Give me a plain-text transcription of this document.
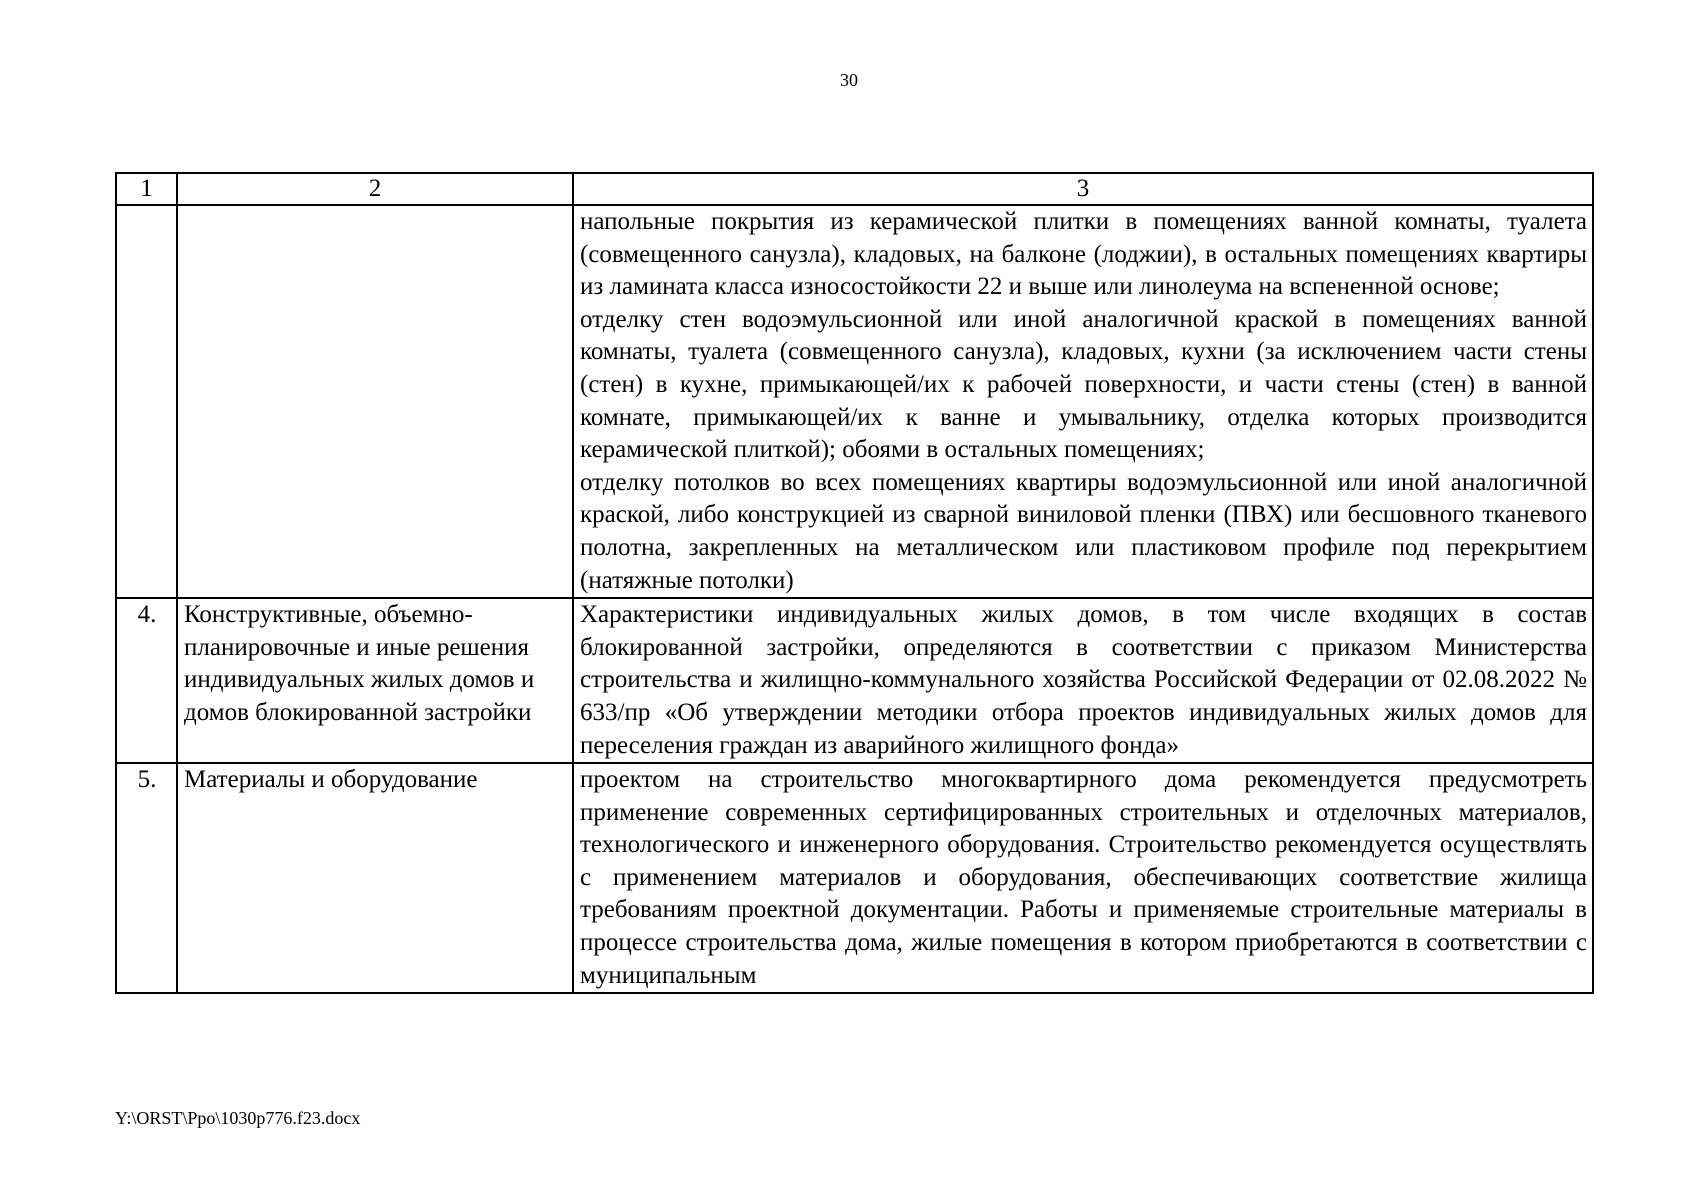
30
1	2	3

		напольные покрытия из керамической плитки в помещениях ванной комнаты, туалета (совмещенного санузла), кладовых, на балконе (лоджии), в остальных помещениях квартиры из ламината класса износостойкости 22 и выше или линолеума на вспененной основе;
отделку стен водоэмульсионной или иной аналогичной краской в помещениях ванной комнаты, туалета (совмещенного санузла), кладовых, кухни (за исключением части стены (стен) в кухне, примыкающей/их к рабочей поверхности, и части стены (стен) в ванной комнате, примыкающей/их к ванне и умывальнику, отделка которых производится керамической плиткой); обоями в остальных помещениях;
отделку потолков во всех помещениях квартиры водоэмульсионной или иной аналогичной краской, либо конструкцией из сварной виниловой пленки (ПВХ) или бесшовного тканевого полотна, закрепленных на металлическом или пластиковом профиле под перекрытием (натяжные потолки)

4.	Конструктивные, объемно-планировочные и иные решения индивидуальных жилых домов и домов блокированной застройки	Характеристики индивидуальных жилых домов, в том числе входящих в состав блокированной застройки, определяются в соответствии с приказом Министерства строительства и жилищно-коммунального хозяйства Российской Федерации от 02.08.2022 № 633/пр «Об утверждении методики отбора проектов индивидуальных жилых домов для переселения граждан из аварийного жилищного фонда»

5.	Материалы и оборудование	проектом на строительство многоквартирного дома рекомендуется предусмотреть применение современных сертифицированных строительных и отделочных материалов, технологического и инженерного оборудования. Строительство рекомендуется осуществлять с применением материалов и оборудования, обеспечивающих соответствие жилища требованиям проектной документации. Работы и применяемые строительные материалы в процессе строительства дома, жилые помещения в котором приобретаются в соответствии с муниципальным
Y:\ORST\Ppo\1030p776.f23.docx
